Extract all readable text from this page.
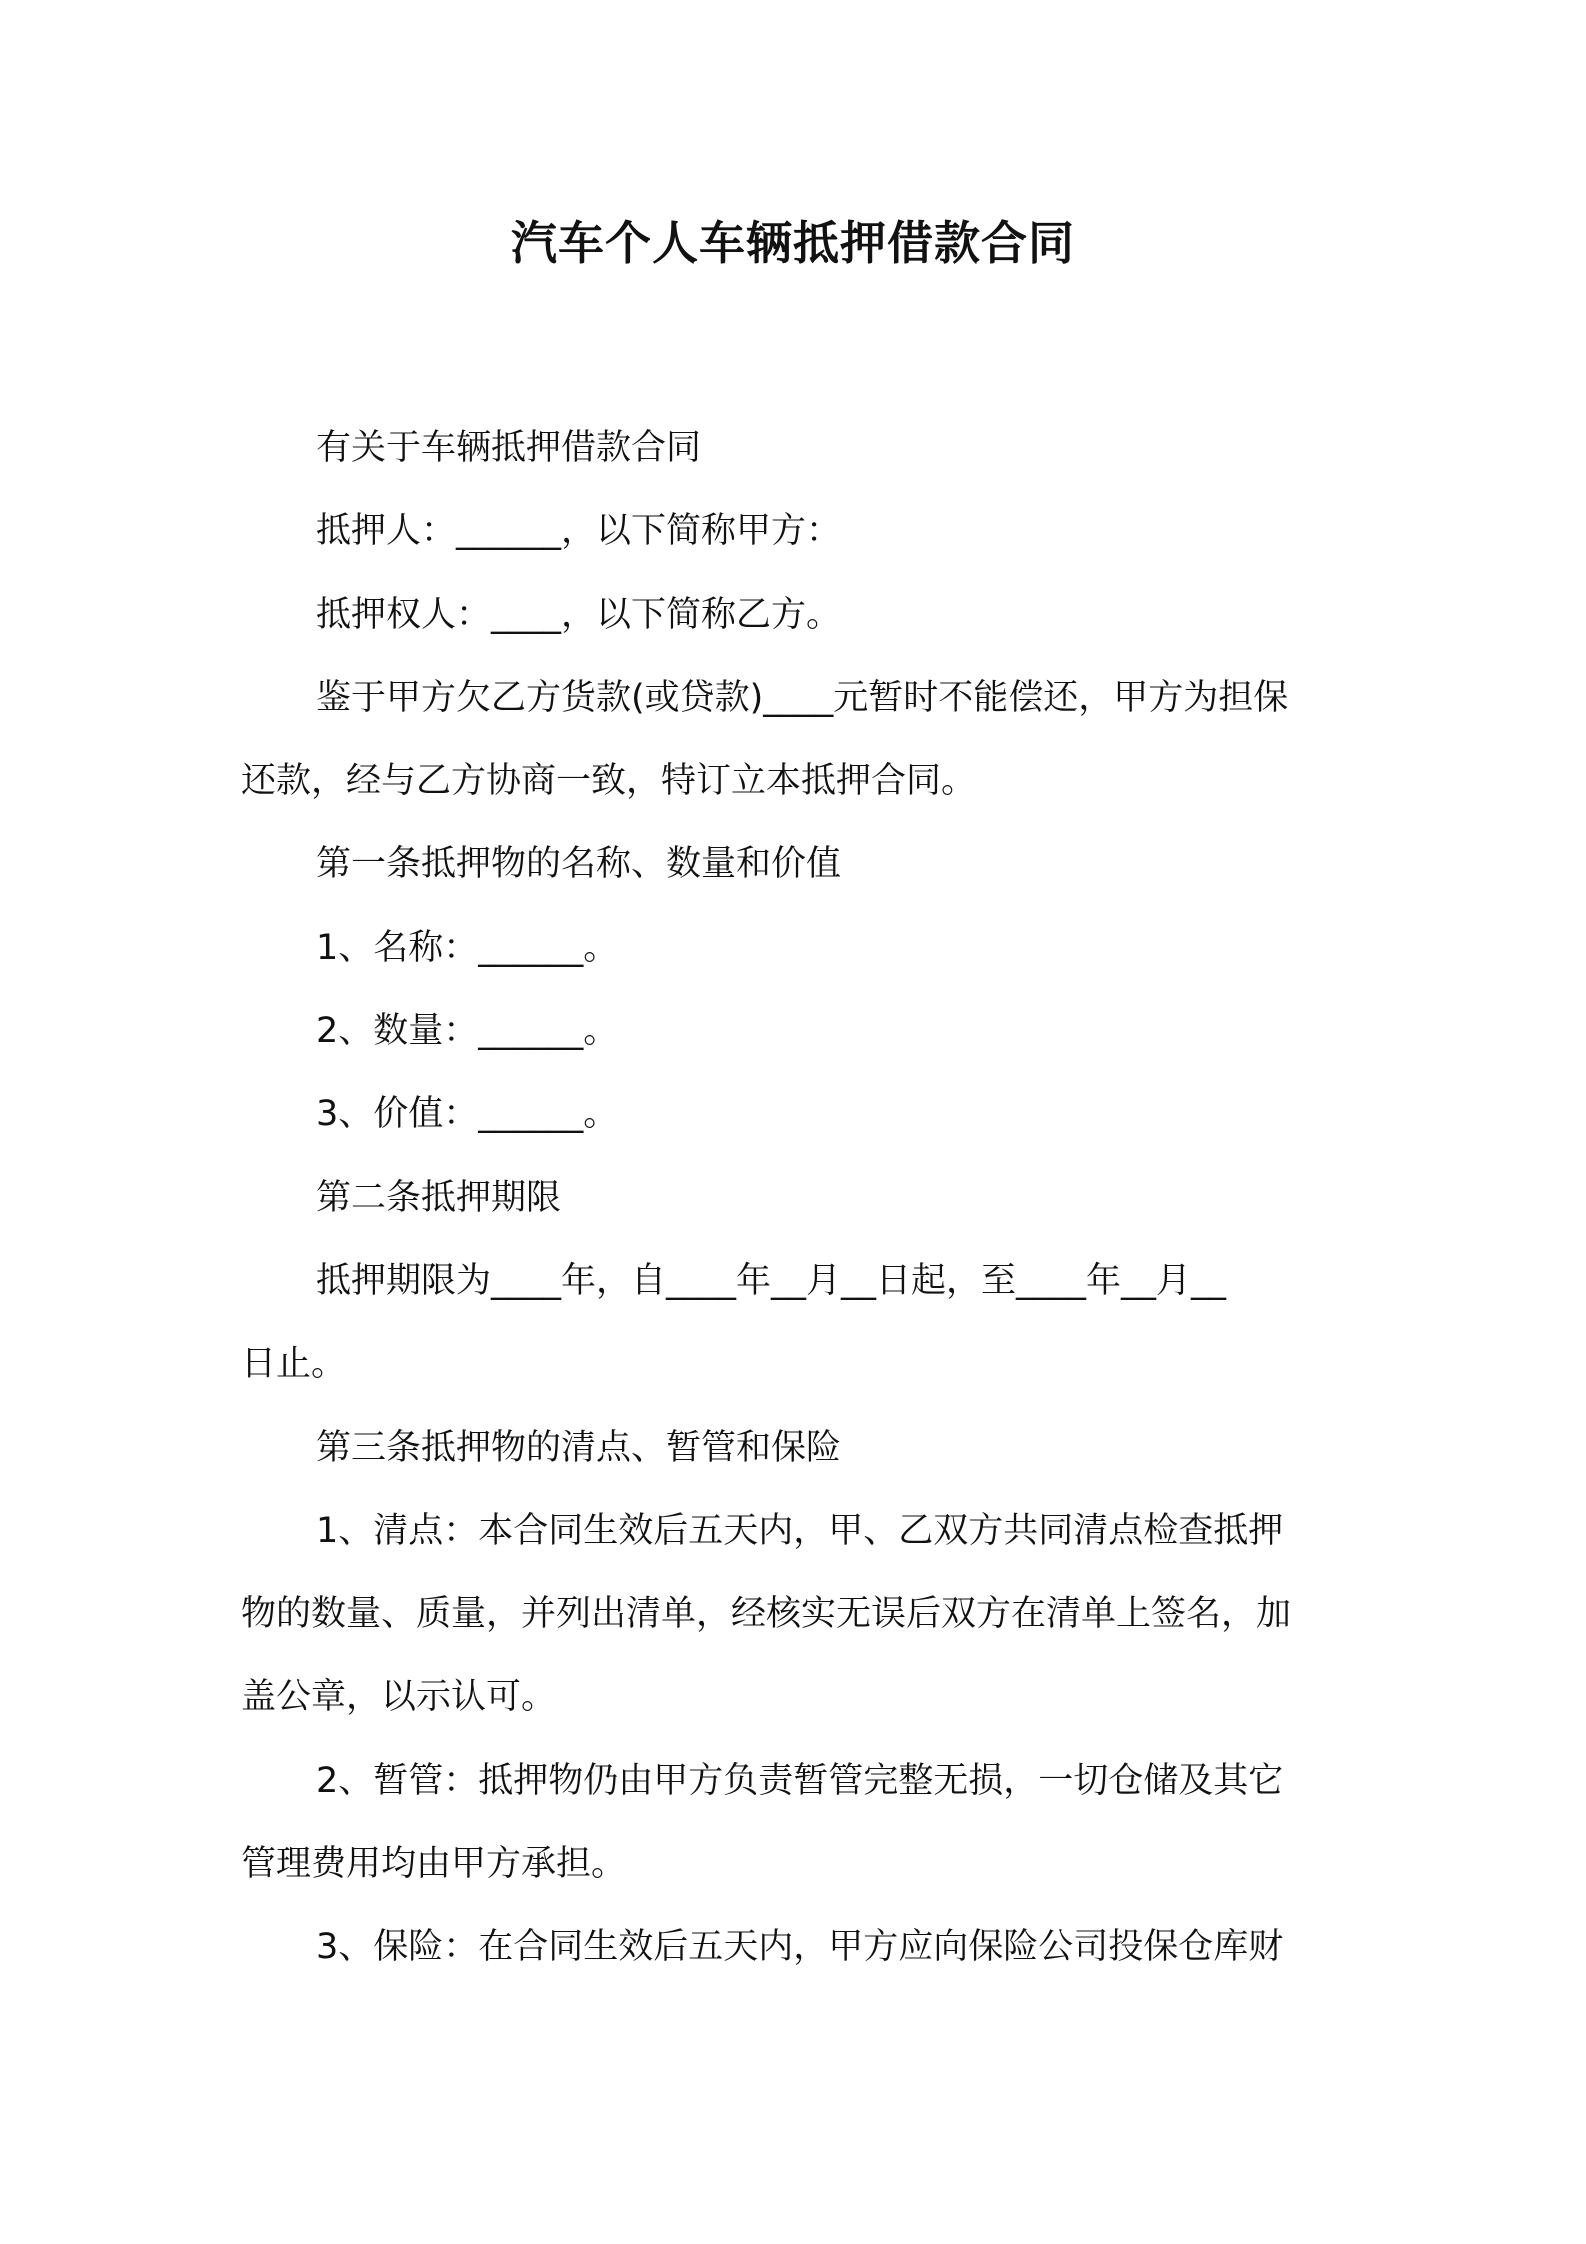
汽车个人车辆抵押借款合同
有关于车辆抵押借款合同
抵押人：______，以下简称甲方：
抵押权人：____，以下简称乙方。
鉴于甲方欠乙方货款(或贷款)____元暂时不能偿还，甲方为担保
还款，经与乙方协商一致，特订立本抵押合同。
第一条抵押物的名称、数量和价值
1、名称：______。
2、数量：______。
3、价值：______。
第二条抵押期限
抵押期限为____年，自____年__月__日起，至____年__月__
日止。
第三条抵押物的清点、暂管和保险
1、清点：本合同生效后五天内，甲、乙双方共同清点检查抵押
物的数量、质量，并列出清单，经核实无误后双方在清单上签名，加
盖公章，以示认可。
2、暂管：抵押物仍由甲方负责暂管完整无损，一切仓储及其它
管理费用均由甲方承担。
3、保险：在合同生效后五天内，甲方应向保险公司投保仓库财
